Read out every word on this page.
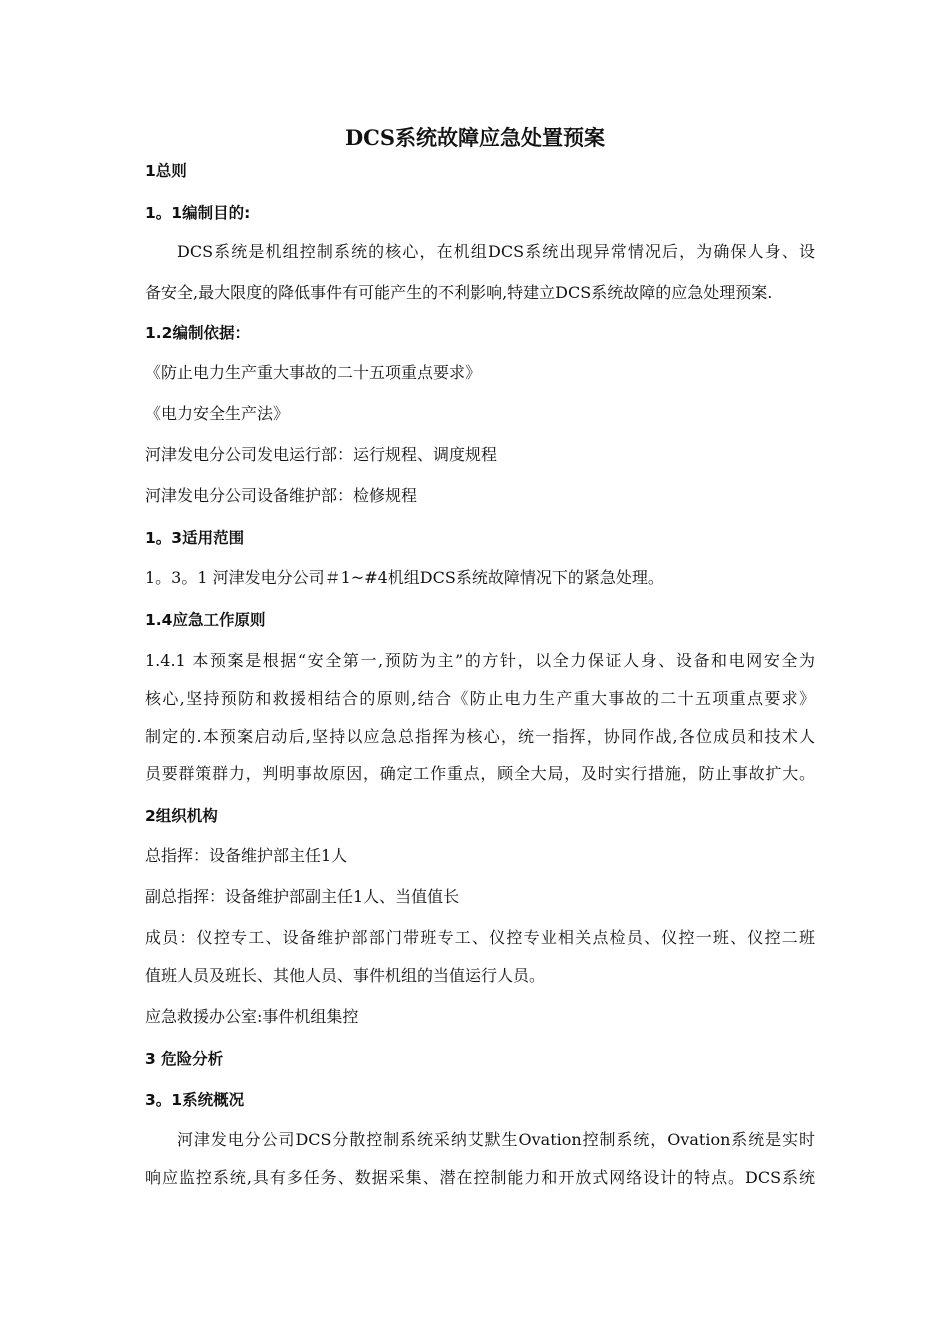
DCS系统故障应急处置预案
1总则
1。1编制目的:
DCS系统是机组控制系统的核心，在机组DCS系统出现异常情况后，为确保人身、设
备安全,最大限度的降低事件有可能产生的不利影响,特建立DCS系统故障的应急处理预案.
1.2编制依据：
《防止电力生产重大事故的二十五项重点要求》
《电力安全生产法》
河津发电分公司发电运行部：运行规程、调度规程
河津发电分公司设备维护部：检修规程
1。3适用范围
1。3。1 河津发电分公司＃1~#4机组DCS系统故障情况下的紧急处理。
1.4应急工作原则
1.4.1 本预案是根据“安全第一,预防为主”的方针，以全力保证人身、设备和电网安全为
核心,坚持预防和救援相结合的原则,结合《防止电力生产重大事故的二十五项重点要求》
制定的.本预案启动后,坚持以应急总指挥为核心，统一指挥，协同作战,各位成员和技术人
员要群策群力，判明事故原因，确定工作重点，顾全大局，及时实行措施，防止事故扩大。
2组织机构
总指挥：设备维护部主任1人
副总指挥：设备维护部副主任1人、当值值长
成员：仪控专工、设备维护部部门带班专工、仪控专业相关点检员、仪控一班、仪控二班
值班人员及班长、其他人员、事件机组的当值运行人员。
应急救援办公室:事件机组集控
3 危险分析
3。1系统概况
河津发电分公司DCS分散控制系统采纳艾默生Ovation控制系统，Ovation系统是实时
响应监控系统,具有多任务、数据采集、潜在控制能力和开放式网络设计的特点。DCS系统
